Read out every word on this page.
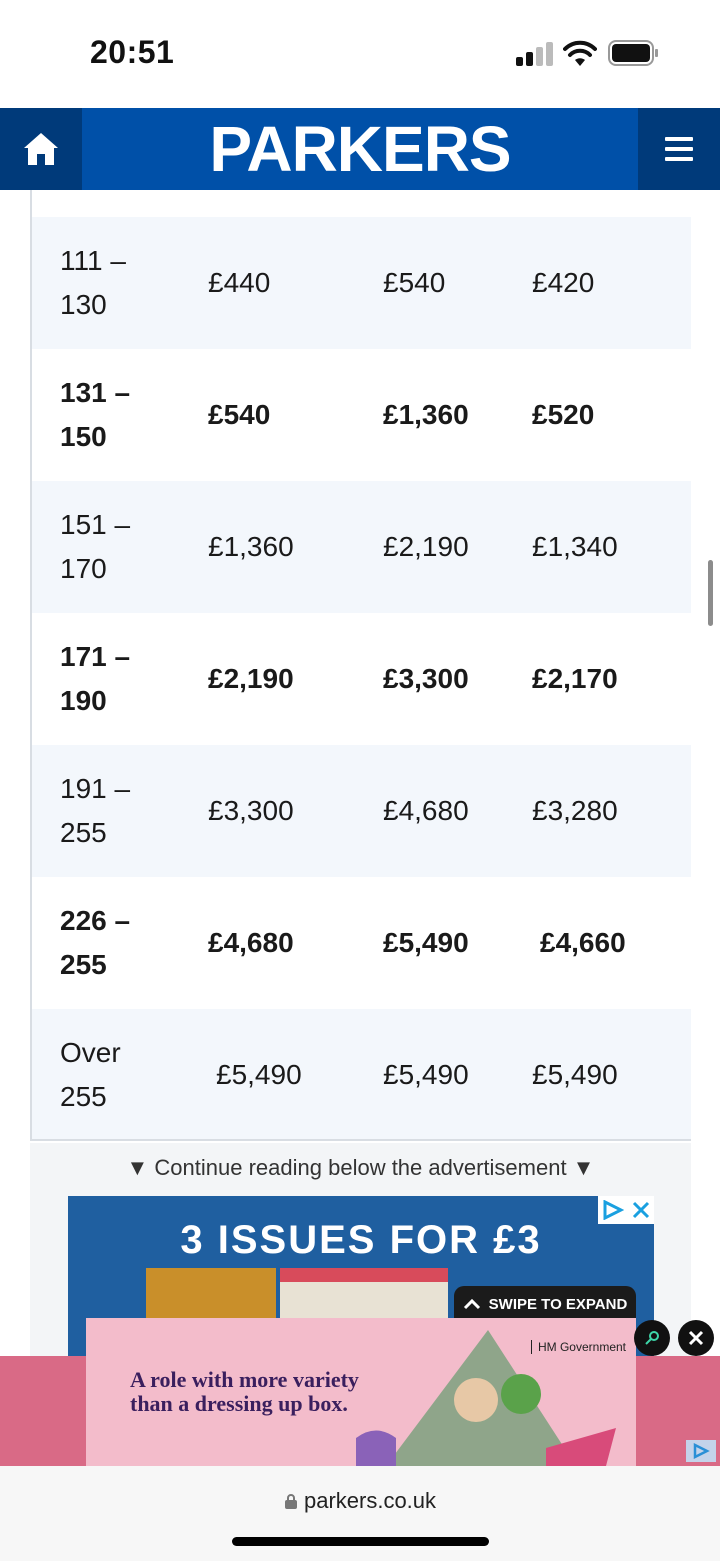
20:51
PARKERS
111 –
130
£440	£540	£420
131 –
150
£540	£1,360 £520
151 –
170
£1,360	£2,190 £1,340
171 –
190
£2,190	£3,300 £2,170
191 –
255
£3,300	£4,680 £3,280
226 –
255
£4,680	£5,490	£4,660
Over
255
£5,490	£5,490 £5,490
▼ Continue reading below the advertisement ▼
3 ISSUES FOR £3
SWIPE TO EXPAND
A role with more variety
than a dressing up box.
HM Government
parkers.co.uk
